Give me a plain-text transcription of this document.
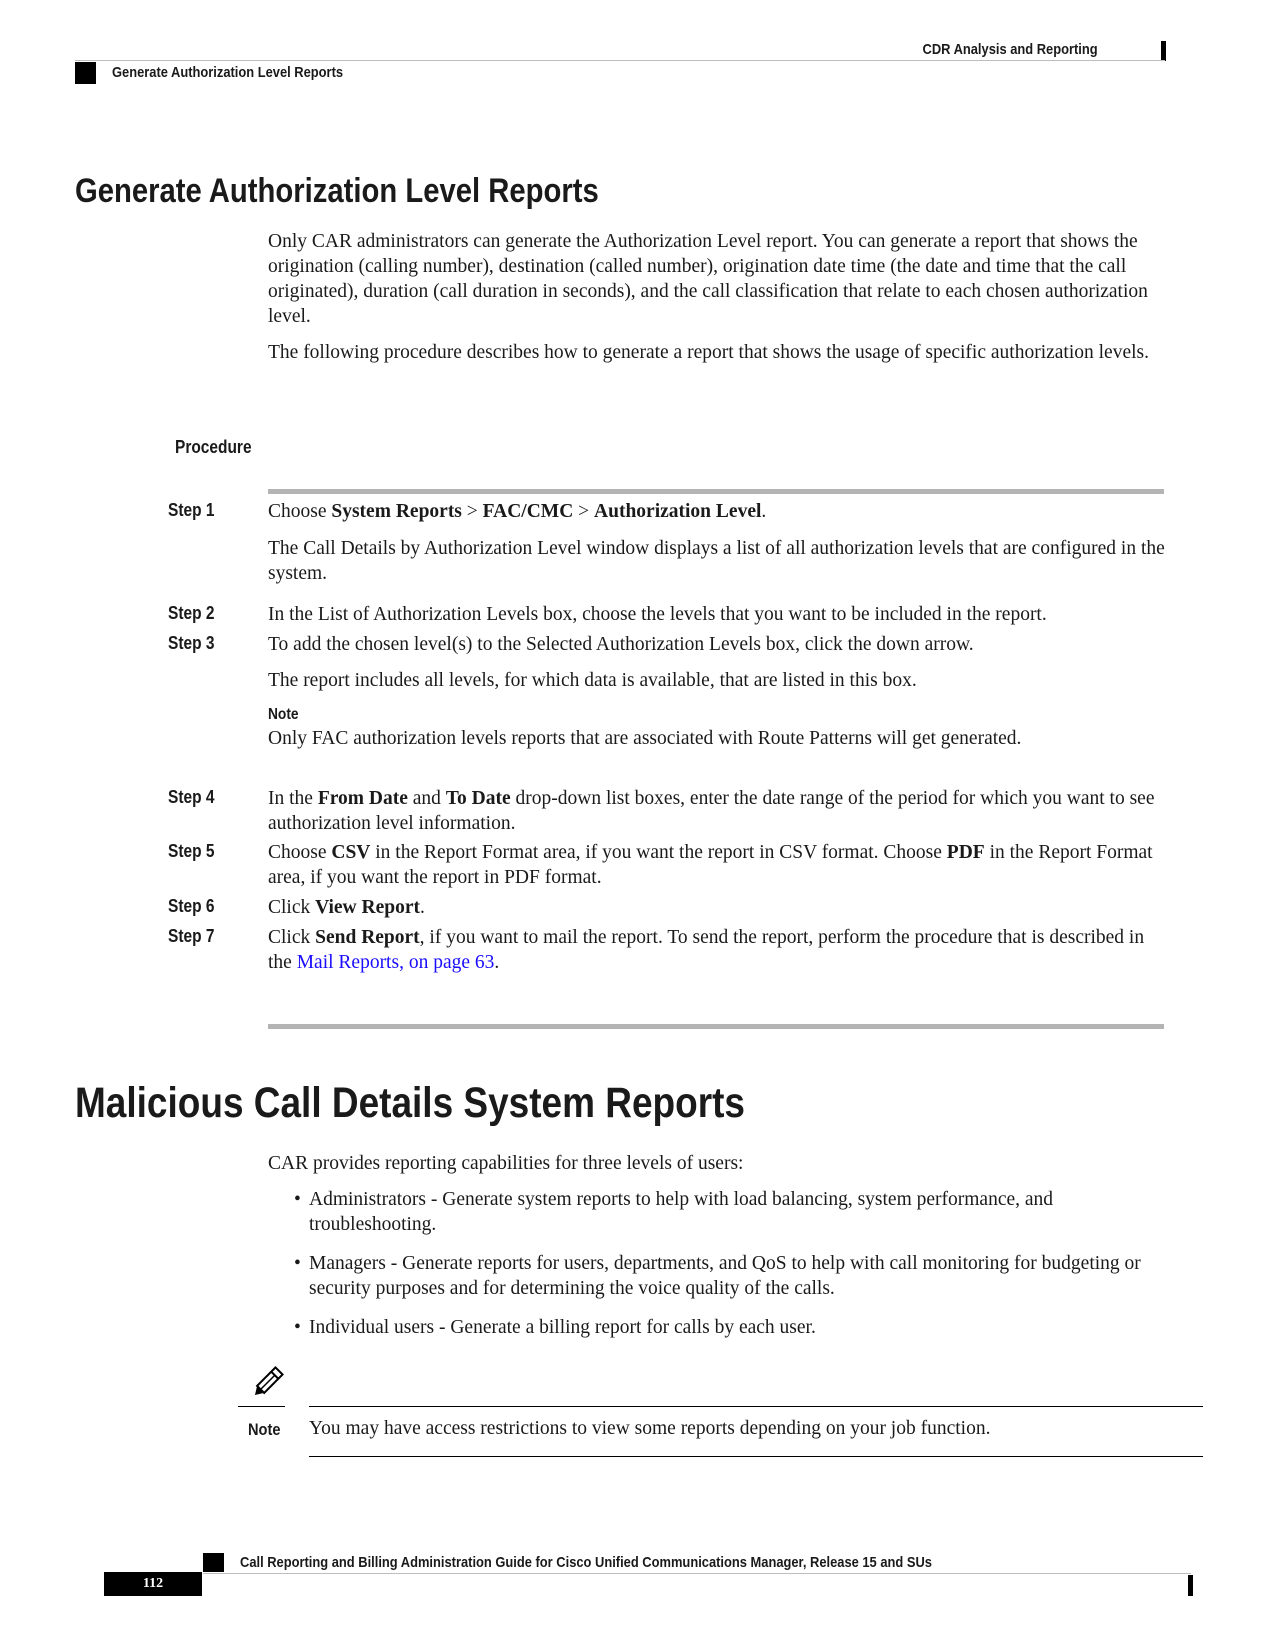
CDR Analysis and Reporting
Generate Authorization Level Reports
Generate Authorization Level Reports

Only CAR administrators can generate the Authorization Level report. You can generate a report that shows the origination (calling number), destination (called number), origination date time (the date and time that the call originated), duration (call duration in seconds), and the call classification that relate to each chosen authorization level.

The following procedure describes how to generate a report that shows the usage of specific authorization levels.

Procedure
Step 1	Choose System Reports > FAC/CMC > Authorization Level.

The Call Details by Authorization Level window displays a list of all authorization levels that are configured in the system.

Step 2	In the List of Authorization Levels box, choose the levels that you want to be included in the report.

Step 3	To add the chosen level(s) to the Selected Authorization Levels box, click the down arrow.

The report includes all levels, for which data is available, that are listed in this box.

Note

Only FAC authorization levels reports that are associated with Route Patterns will get generated.

Step 4	In the From Date and To Date drop-down list boxes, enter the date range of the period for which you want to see authorization level information.

Step 5	Choose CSV in the Report Format area, if you want the report in CSV format. Choose PDF in the Report Format area, if you want the report in PDF format.

Step 6	Click View Report.

Step 7	Click Send Report, if you want to mail the report. To send the report, perform the procedure that is described in the Mail Reports, on page 63.

Malicious Call Details System Reports

CAR provides reporting capabilities for three levels of users:

• Administrators - Generate system reports to help with load balancing, system performance, and troubleshooting.
• Managers - Generate reports for users, departments, and QoS to help with call monitoring for budgeting or security purposes and for determining the voice quality of the calls.
• Individual users - Generate a billing report for calls by each user.
Note You may have access restrictions to view some reports depending on your job function.

Call Reporting and Billing Administration Guide for Cisco Unified Communications Manager, Release 15 and SUs
112
